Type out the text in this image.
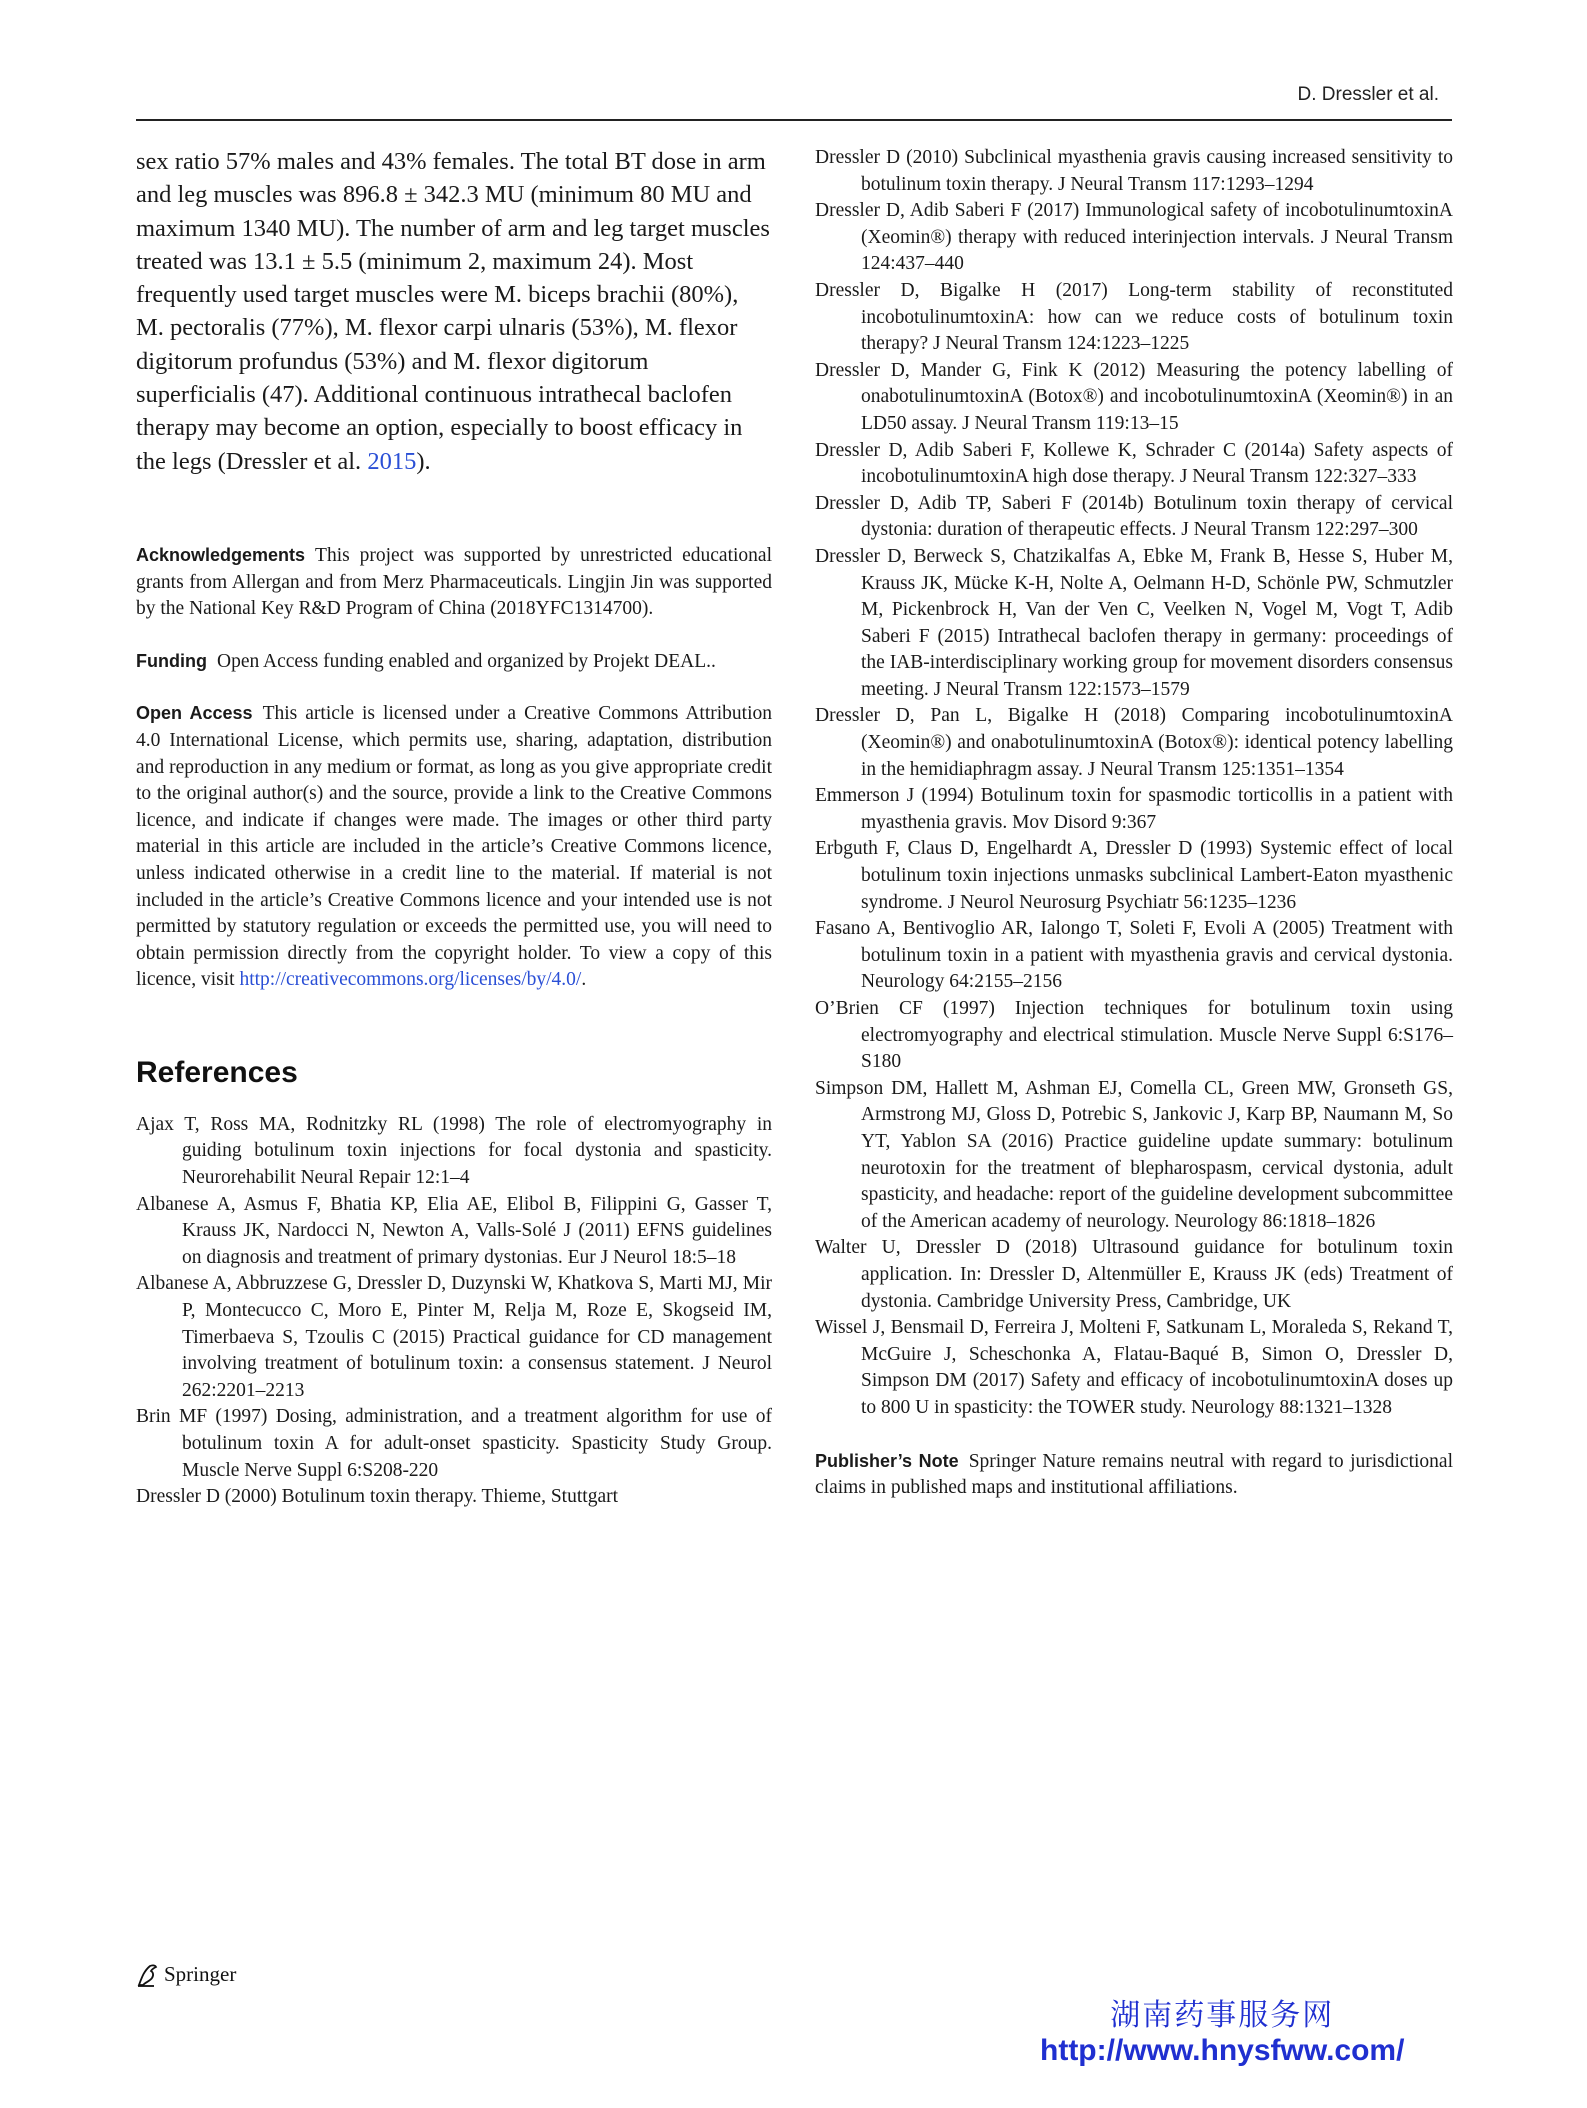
D. Dressler et al.

sex ratio 57% males and 43% females. The total BT dose in arm and leg muscles was 896.8 ± 342.3 MU (minimum 80 MU and maximum 1340 MU). The number of arm and leg target muscles treated was 13.1 ± 5.5 (minimum 2, maximum 24). Most frequently used target muscles were M. biceps brachii (80%), M. pectoralis (77%), M. flexor carpi ulnaris (53%), M. flexor digitorum profundus (53%) and M. flexor digitorum superficialis (47). Additional continuous intrathecal baclofen therapy may become an option, especially to boost efficacy in the legs (Dressler et al. 2015).

Acknowledgements This project was supported by unrestricted educational grants from Allergan and from Merz Pharmaceuticals. Lingjin Jin was supported by the National Key R&D Program of China (2018YFC1314700).

Funding Open Access funding enabled and organized by Projekt DEAL..

Open Access This article is licensed under a Creative Commons Attribution 4.0 International License, which permits use, sharing, adaptation, distribution and reproduction in any medium or format, as long as you give appropriate credit to the original author(s) and the source, provide a link to the Creative Commons licence, and indicate if changes were made. The images or other third party material in this article are included in the article’s Creative Commons licence, unless indicated otherwise in a credit line to the material. If material is not included in the article’s Creative Commons licence and your intended use is not permitted by statutory regulation or exceeds the permitted use, you will need to obtain permission directly from the copyright holder. To view a copy of this licence, visit http://creativecommons.org/licenses/by/4.0/.

References
Ajax T, Ross MA, Rodnitzky RL (1998) The role of electromyography in guiding botulinum toxin injections for focal dystonia and spasticity. Neurorehabilit Neural Repair 12:1–4
Albanese A, Asmus F, Bhatia KP, Elia AE, Elibol B, Filippini G, Gasser T, Krauss JK, Nardocci N, Newton A, Valls-Solé J (2011) EFNS guidelines on diagnosis and treatment of primary dystonias. Eur J Neurol 18:5–18
Albanese A, Abbruzzese G, Dressler D, Duzynski W, Khatkova S, Marti MJ, Mir P, Montecucco C, Moro E, Pinter M, Relja M, Roze E, Skogseid IM, Timerbaeva S, Tzoulis C (2015) Practical guidance for CD management involving treatment of botulinum toxin: a consensus statement. J Neurol 262:2201–2213
Brin MF (1997) Dosing, administration, and a treatment algorithm for use of botulinum toxin A for adult-onset spasticity. Spasticity Study Group. Muscle Nerve Suppl 6:S208-220
Dressler D (2000) Botulinum toxin therapy. Thieme, Stuttgart
Dressler D (2010) Subclinical myasthenia gravis causing increased sensitivity to botulinum toxin therapy. J Neural Transm 117:1293–1294
Dressler D, Adib Saberi F (2017) Immunological safety of incobotulinumtoxinA (Xeomin®) therapy with reduced interinjection intervals. J Neural Transm 124:437–440
Dressler D, Bigalke H (2017) Long-term stability of reconstituted incobotulinumtoxinA: how can we reduce costs of botulinum toxin therapy? J Neural Transm 124:1223–1225
Dressler D, Mander G, Fink K (2012) Measuring the potency labelling of onabotulinumtoxinA (Botox®) and incobotulinumtoxinA (Xeomin®) in an LD50 assay. J Neural Transm 119:13–15
Dressler D, Adib Saberi F, Kollewe K, Schrader C (2014a) Safety aspects of incobotulinumtoxinA high dose therapy. J Neural Transm 122:327–333
Dressler D, Adib TP, Saberi F (2014b) Botulinum toxin therapy of cervical dystonia: duration of therapeutic effects. J Neural Transm 122:297–300
Dressler D, Berweck S, Chatzikalfas A, Ebke M, Frank B, Hesse S, Huber M, Krauss JK, Mücke K-H, Nolte A, Oelmann H-D, Schönle PW, Schmutzler M, Pickenbrock H, Van der Ven C, Veelken N, Vogel M, Vogt T, Adib Saberi F (2015) Intrathecal baclofen therapy in germany: proceedings of the IAB-interdisciplinary working group for movement disorders consensus meeting. J Neural Transm 122:1573–1579
Dressler D, Pan L, Bigalke H (2018) Comparing incobotulinumtoxinA (Xeomin®) and onabotulinumtoxinA (Botox®): identical potency labelling in the hemidiaphragm assay. J Neural Transm 125:1351–1354
Emmerson J (1994) Botulinum toxin for spasmodic torticollis in a patient with myasthenia gravis. Mov Disord 9:367
Erbguth F, Claus D, Engelhardt A, Dressler D (1993) Systemic effect of local botulinum toxin injections unmasks subclinical Lambert-Eaton myasthenic syndrome. J Neurol Neurosurg Psychiatr 56:1235–1236
Fasano A, Bentivoglio AR, Ialongo T, Soleti F, Evoli A (2005) Treatment with botulinum toxin in a patient with myasthenia gravis and cervical dystonia. Neurology 64:2155–2156
O’Brien CF (1997) Injection techniques for botulinum toxin using electromyography and electrical stimulation. Muscle Nerve Suppl 6:S176–S180
Simpson DM, Hallett M, Ashman EJ, Comella CL, Green MW, Gronseth GS, Armstrong MJ, Gloss D, Potrebic S, Jankovic J, Karp BP, Naumann M, So YT, Yablon SA (2016) Practice guideline update summary: botulinum neurotoxin for the treatment of blepharospasm, cervical dystonia, adult spasticity, and headache: report of the guideline development subcommittee of the American academy of neurology. Neurology 86:1818–1826
Walter U, Dressler D (2018) Ultrasound guidance for botulinum toxin application. In: Dressler D, Altenmüller E, Krauss JK (eds) Treatment of dystonia. Cambridge University Press, Cambridge, UK
Wissel J, Bensmail D, Ferreira J, Molteni F, Satkunam L, Moraleda S, Rekand T, McGuire J, Scheschonka A, Flatau-Baqué B, Simon O, Dressler D, Simpson DM (2017) Safety and efficacy of incobotulinumtoxinA doses up to 800 U in spasticity: the TOWER study. Neurology 88:1321–1328

Publisher’s Note Springer Nature remains neutral with regard to jurisdictional claims in published maps and institutional affiliations.

Springer
湖南药事服务网
http://www.hnysfww.com/
